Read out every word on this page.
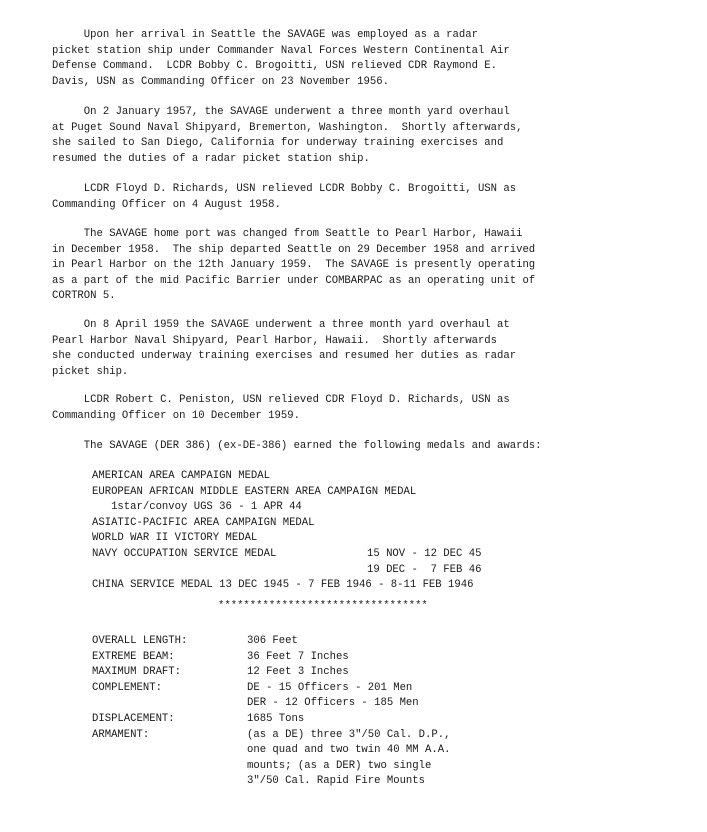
Upon her arrival in Seattle the SAVAGE was employed as a radar
picket station ship under Commander Naval Forces Western Continental Air
Defense Command.  LCDR Bobby C. Brogoitti, USN relieved CDR Raymond E.
Davis, USN as Commanding Officer on 23 November 1956.
On 2 January 1957, the SAVAGE underwent a three month yard overhaul
at Puget Sound Naval Shipyard, Bremerton, Washington.  Shortly afterwards,
she sailed to San Diego, California for underway training exercises and
resumed the duties of a radar picket station ship.
LCDR Floyd D. Richards, USN relieved LCDR Bobby C. Brogoitti, USN as
Commanding Officer on 4 August 1958.
The SAVAGE home port was changed from Seattle to Pearl Harbor, Hawaii
in December 1958.  The ship departed Seattle on 29 December 1958 and arrived
in Pearl Harbor on the 12th January 1959.  The SAVAGE is presently operating
as a part of the mid Pacific Barrier under COMBARPAC as an operating unit of
CORTRON 5.
On 8 April 1959 the SAVAGE underwent a three month yard overhaul at
Pearl Harbor Naval Shipyard, Pearl Harbor, Hawaii.  Shortly afterwards
she conducted underway training exercises and resumed her duties as radar
picket ship.
LCDR Robert C. Peniston, USN relieved CDR Floyd D. Richards, USN as
Commanding Officer on 10 December 1959.
The SAVAGE (DER 386) (ex-DE-386) earned the following medals and awards:
AMERICAN AREA CAMPAIGN MEDAL
EUROPEAN AFRICAN MIDDLE EASTERN AREA CAMPAIGN MEDAL
1star/convoy UGS 36 - 1 APR 44
ASIATIC-PACIFIC AREA CAMPAIGN MEDAL
WORLD WAR II VICTORY MEDAL
NAVY OCCUPATION SERVICE MEDAL	15 NOV - 12 DEC 45
19 DEC -  7 FEB 46
CHINA SERVICE MEDAL 13 DEC 1945 - 7 FEB 1946 - 8-11 FEB 1946
*********************************
OVERALL LENGTH:	306 Feet
EXTREME BEAM:	36 Feet 7 Inches
MAXIMUM DRAFT:	12 Feet 3 Inches
COMPLEMENT:	DE - 15 Officers - 201 Men
DER - 12 Officers - 185 Men
DISPLACEMENT:	1685 Tons
ARMAMENT:	(as a DE) three 3"/50 Cal. D.P.,
one quad and two twin 40 MM A.A.
mounts; (as a DER) two single
3"/50 Cal. Rapid Fire Mounts
